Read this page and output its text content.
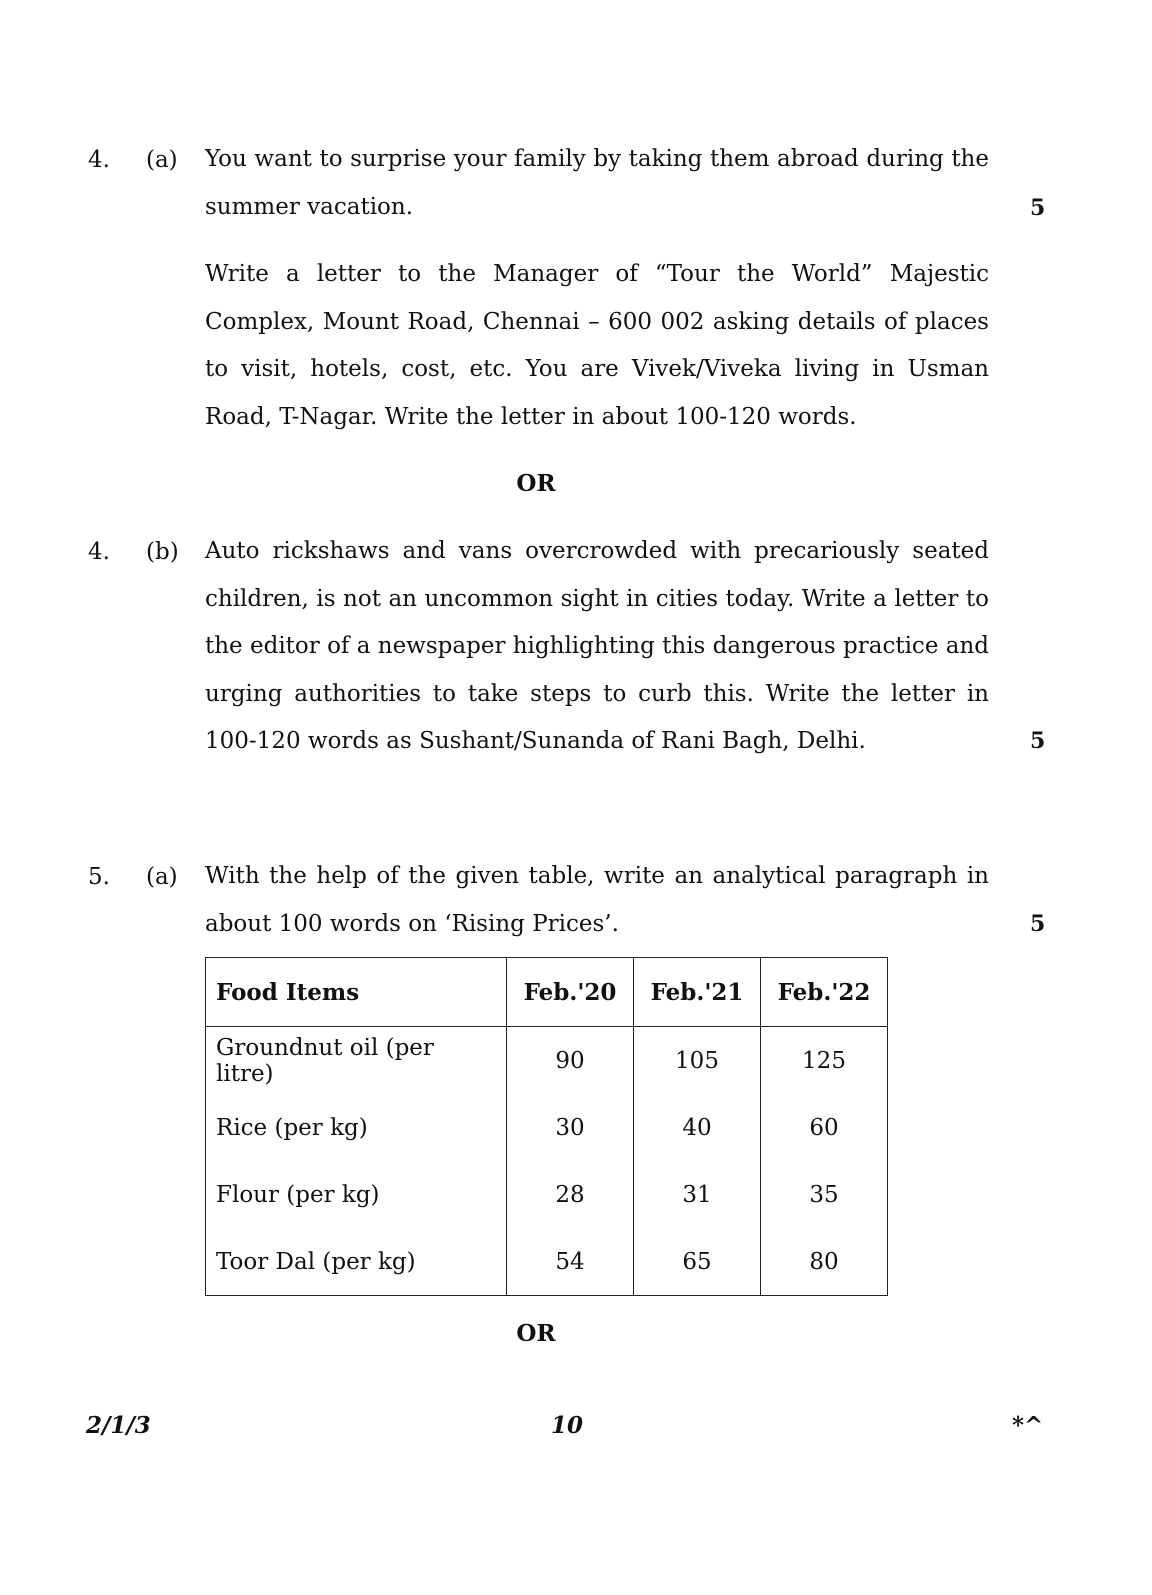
4. (a) You want to surprise your family by taking them abroad during the summer vacation.	5
Write a letter to the Manager of “Tour the World” Majestic Complex, Mount Road, Chennai – 600 002 asking details of places to visit, hotels, cost, etc. You are Vivek/Viveka living in Usman Road, T-Nagar. Write the letter in about 100-120 words.
OR
4. (b) Auto rickshaws and vans overcrowded with precariously seated children, is not an uncommon sight in cities today. Write a letter to the editor of a newspaper highlighting this dangerous practice and urging authorities to take steps to curb this. Write the letter in 100-120 words as Sushant/Sunanda of Rani Bagh, Delhi.	5
5. (a) With the help of the given table, write an analytical paragraph in about 100 words on ‘Rising Prices’.	5
Food Items	Feb.'20	Feb.'21	Feb.'22
Groundnut oil (per litre)	90	105	125
Rice (per kg)	30	40	60
Flour (per kg)	28	31	35
Toor Dal (per kg)	54	65	80
OR
2/1/3	10	*^
